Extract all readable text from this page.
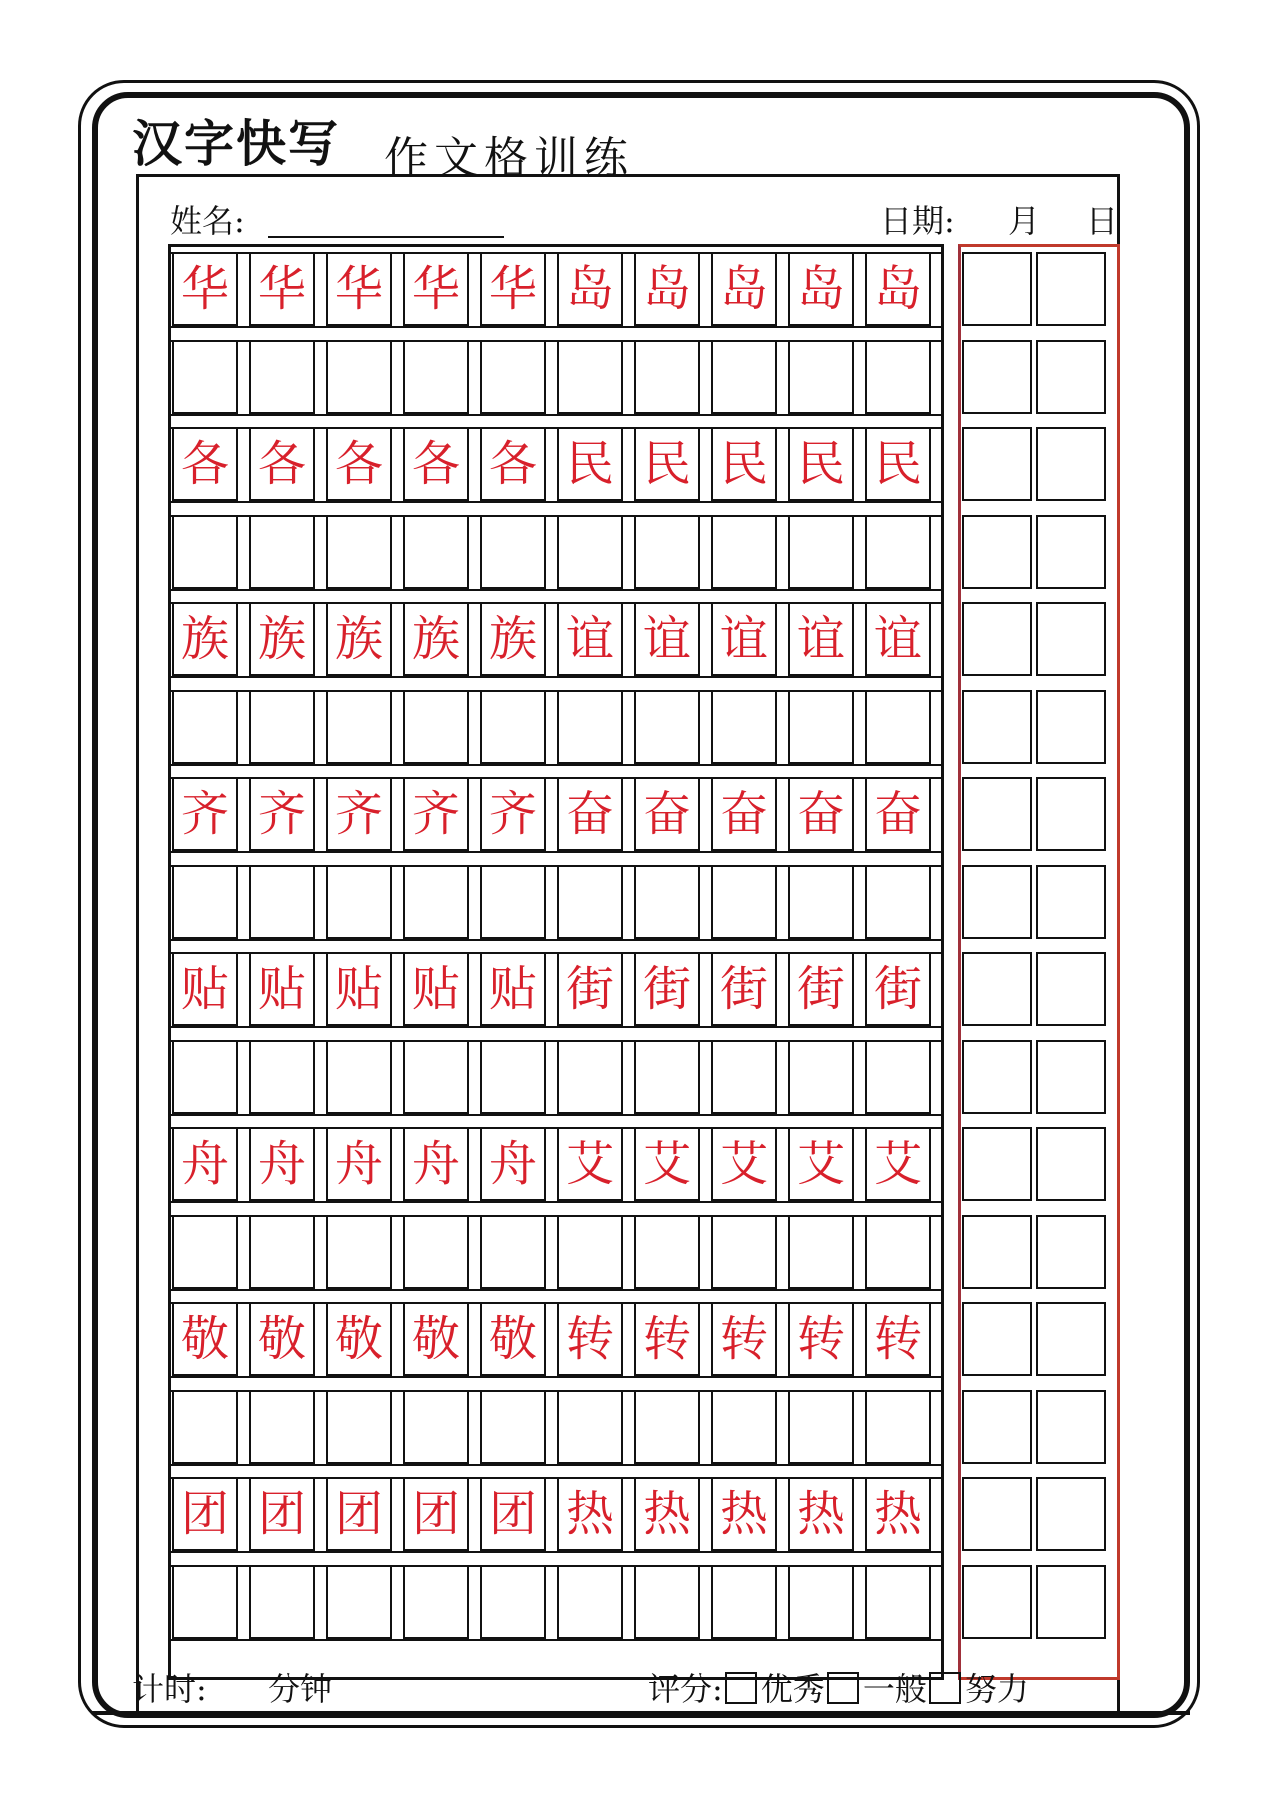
汉字快写 作文格训练
姓名:	日期: 月 日
华 华 华 华 华 岛 岛 岛 岛 岛
各 各 各 各 各 民 民 民 民 民
族 族 族 族 族 谊 谊 谊 谊 谊
齐 齐 齐 齐 齐 奋 奋 奋 奋 奋
贴 贴 贴 贴 贴 街 街 街 街 街
舟 舟 舟 舟 舟 艾 艾 艾 艾 艾
敬 敬 敬 敬 敬 转 转 转 转 转
团 团 团 团 团 热 热 热 热 热
计时: 分钟	评分: 优秀 一般 努力
